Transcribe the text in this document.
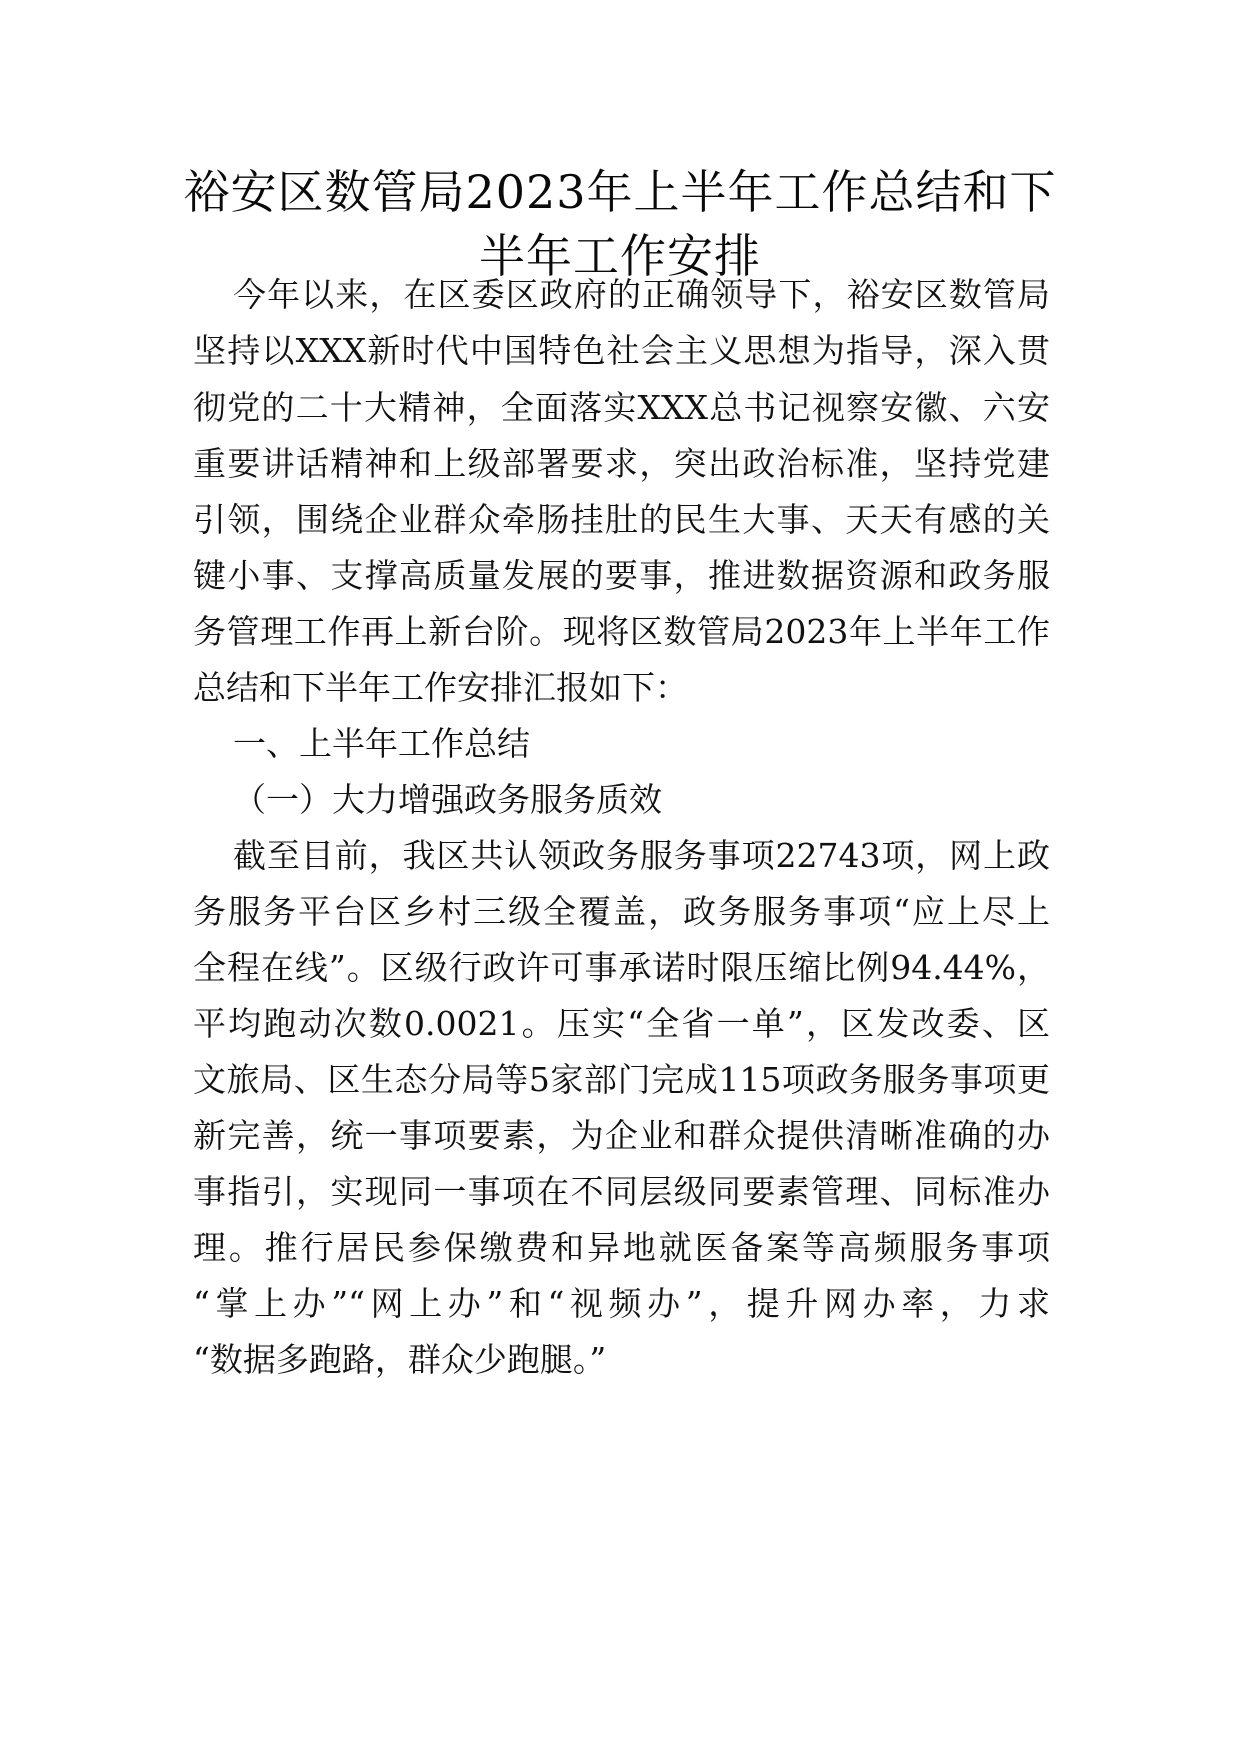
裕安区数管局2023年上半年工作总结和下
半年工作安排
今年以来，在区委区政府的正确领导下，裕安区数管局
坚持以XXX新时代中国特色社会主义思想为指导，深入贯
彻党的二十大精神，全面落实XXX总书记视察安徽、六安
重要讲话精神和上级部署要求，突出政治标准，坚持党建
引领，围绕企业群众牵肠挂肚的民生大事、天天有感的关
键小事、支撑高质量发展的要事，推进数据资源和政务服
务管理工作再上新台阶。现将区数管局2023年上半年工作
总结和下半年工作安排汇报如下：
一、上半年工作总结
（一）大力增强政务服务质效
截至目前，我区共认领政务服务事项22743项，网上政
务服务平台区乡村三级全覆盖，政务服务事项“应上尽上
全程在线”。区级行政许可事承诺时限压缩比例94.44%，
平均跑动次数0.0021。压实“全省一单”，区发改委、区
文旅局、区生态分局等5家部门完成115项政务服务事项更
新完善，统一事项要素，为企业和群众提供清晰准确的办
事指引，实现同一事项在不同层级同要素管理、同标准办
理。推行居民参保缴费和异地就医备案等高频服务事项
“掌上办”“网上办”和“视频办”，提升网办率，力求
“数据多跑路，群众少跑腿。”
